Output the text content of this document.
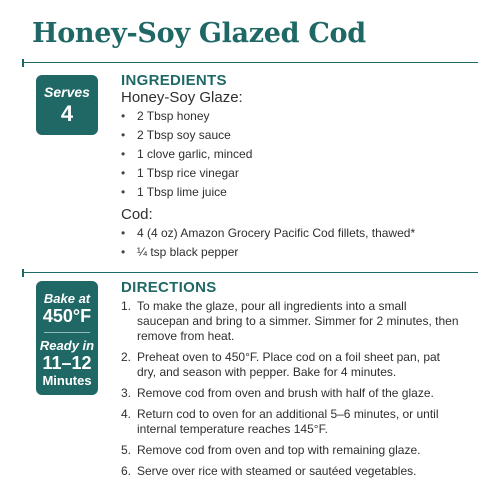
Honey-Soy Glazed Cod
Serves
4
INGREDIENTS

Honey-Soy Glaze:

• 2 Tbsp honey
• 2 Tbsp soy sauce
• 1 clove garlic, minced
• 1 Tbsp rice vinegar
• 1 Tbsp lime juice

Cod:

• 4 (4 oz) Amazon Grocery Pacific Cod fillets, thawed*
• ¼ tsp black pepper
Bake at
450°F
Ready in
11–12
Minutes
DIRECTIONS
1. To make the glaze, pour all ingredients into a small saucepan and bring to a simmer. Simmer for 2 minutes, then remove from heat.
2. Preheat oven to 450°F. Place cod on a foil sheet pan, pat dry, and season with pepper. Bake for 4 minutes.
3. Remove cod from oven and brush with half of the glaze.
4. Return cod to oven for an additional 5–6 minutes, or until internal temperature reaches 145°F.
5. Remove cod from oven and top with remaining glaze.
6. Serve over rice with steamed or sautéed vegetables.
